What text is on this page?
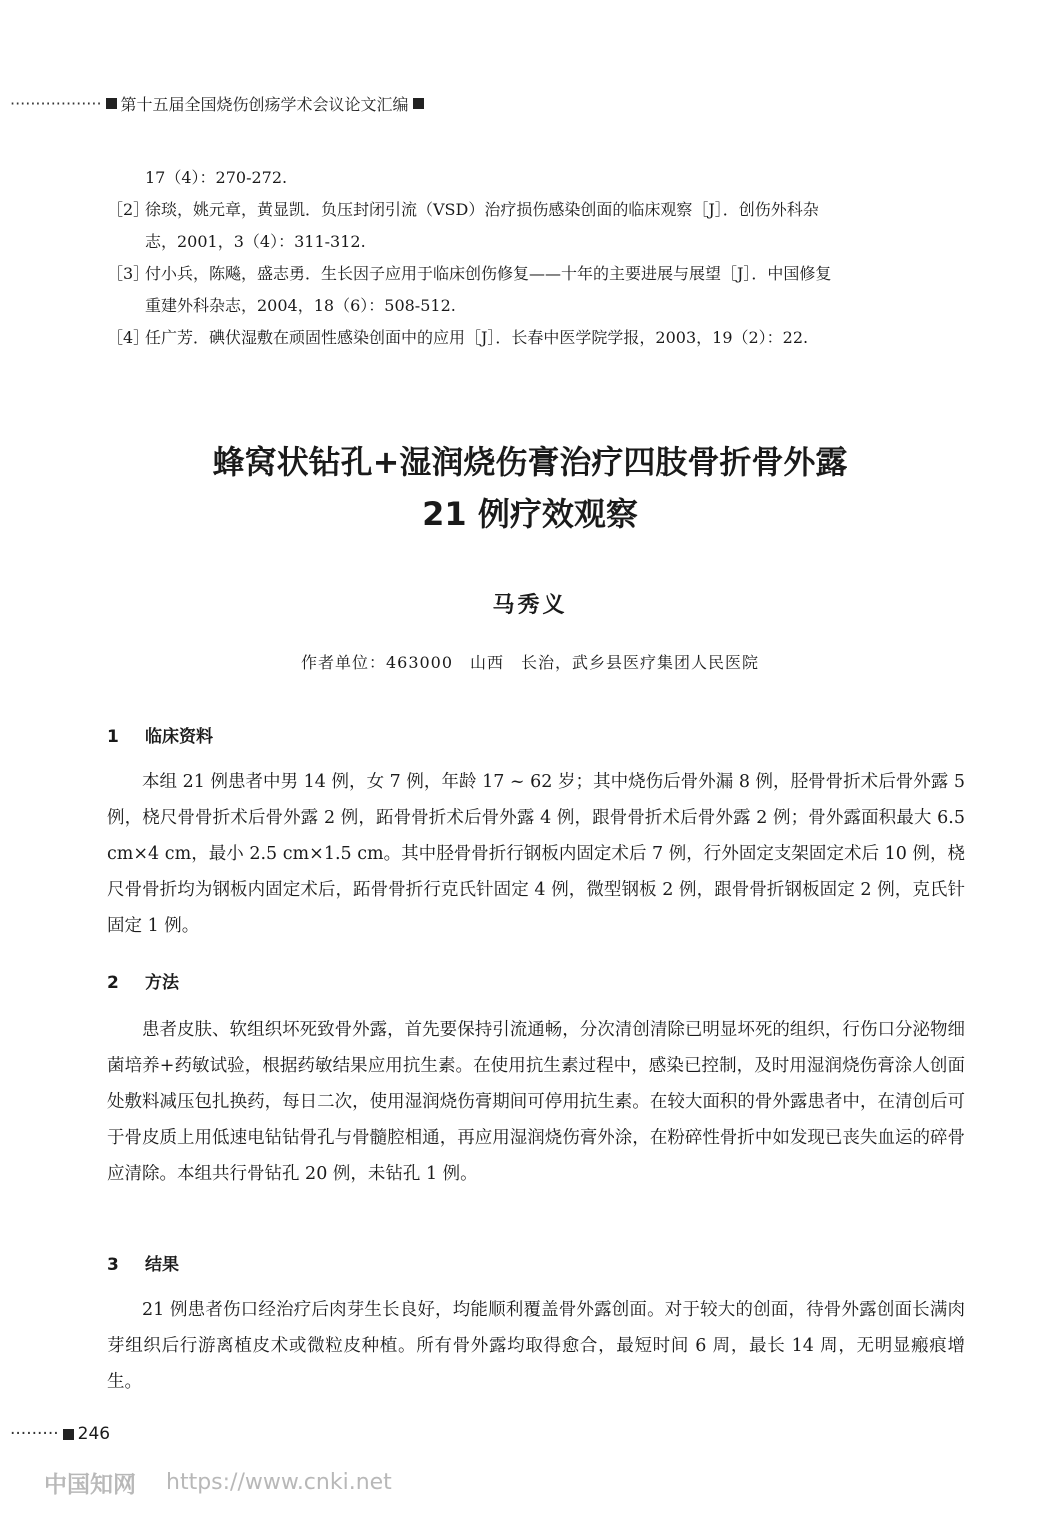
·················· 第十五届全国烧伤创疡学术会议论文汇编
17（4）：270-272.
［2］
徐琰，姚元章，黄显凯．负压封闭引流（VSD）治疗损伤感染创面的临床观察［J］．创伤外科杂
志，2001，3（4）：311-312.
［3］
付小兵，陈飚，盛志勇．生长因子应用于临床创伤修复——十年的主要进展与展望［J］．中国修复
重建外科杂志，2004，18（6）：508-512.
［4］
任广芳．碘伏湿敷在顽固性感染创面中的应用［J］．长春中医学院学报，2003，19（2）：22.
蜂窝状钻孔+湿润烧伤膏治疗四肢骨折骨外露
21 例疗效观察
马秀义
作者单位：463000　山西　长治，武乡县医疗集团人民医院
1 临床资料
本组 21 例患者中男 14 例，女 7 例，年龄 17 ~ 62 岁；其中烧伤后骨外漏 8 例，胫骨骨折术后骨外露 5 例，桡尺骨骨折术后骨外露 2 例，跖骨骨折术后骨外露 4 例，跟骨骨折术后骨外露 2 例；骨外露面积最大 6.5 cm×4 cm，最小 2.5 cm×1.5 cm。其中胫骨骨折行钢板内固定术后 7 例，行外固定支架固定术后 10 例，桡尺骨骨折均为钢板内固定术后，跖骨骨折行克氏针固定 4 例，微型钢板 2 例，跟骨骨折钢板固定 2 例，克氏针固定 1 例。
2 方法
患者皮肤、软组织坏死致骨外露，首先要保持引流通畅，分次清创清除已明显坏死的组织，行伤口分泌物细菌培养+药敏试验，根据药敏结果应用抗生素。在使用抗生素过程中，感染已控制，及时用湿润烧伤膏涂人创面处敷料减压包扎换药，每日二次，使用湿润烧伤膏期间可停用抗生素。在较大面积的骨外露患者中，在清创后可于骨皮质上用低速电钻钻骨孔与骨髓腔相通，再应用湿润烧伤膏外涂，在粉碎性骨折中如发现已丧失血运的碎骨应清除。本组共行骨钻孔 20 例，未钻孔 1 例。
3 结果
21 例患者伤口经治疗后肉芽生长良好，均能顺利覆盖骨外露创面。对于较大的创面，待骨外露创面长满肉芽组织后行游离植皮术或微粒皮种植。所有骨外露均取得愈合，最短时间 6 周，最长 14 周，无明显瘢痕增生。
········· 246
中国知网 https://www.cnki.net
